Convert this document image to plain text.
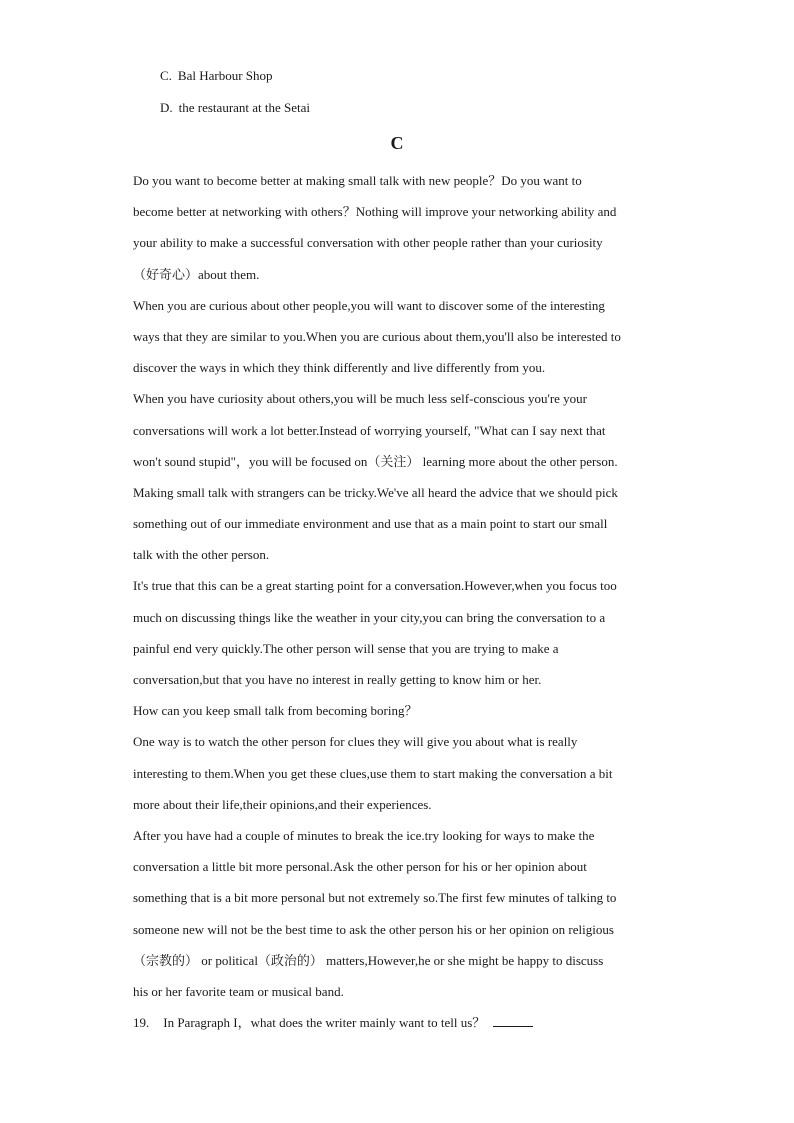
C. Bal Harbour Shop
D. the restaurant at the Setai
C
Do you want to become better at making small talk with new people？Do you want to
become better at networking with others？Nothing will improve your networking ability and
your ability to make a successful conversation with other people rather than your curiosity
（好奇心）about them.
When you are curious about other people,you will want to discover some of the interesting
ways that they are similar to you.When you are curious about them,you'll also be interested to
discover the ways in which they think differently and live differently from you.
When you have curiosity about others,you will be much less self-conscious you're your
conversations will work a lot better.Instead of worrying yourself, "What can I say next that
won't sound stupid"，you will be focused on（关注） learning more about the other person.
Making small talk with strangers can be tricky.We've all heard the advice that we should pick
something out of our immediate environment and use that as a main point to start our small
talk with the other person.
It's true that this can be a great starting point for a conversation.However,when you focus too
much on discussing things like the weather in your city,you can bring the conversation to a
painful end very quickly.The other person will sense that you are trying to make a
conversation,but that you have no interest in really getting to know him or her.
How can you keep small talk from becoming boring？
One way is to watch the other person for clues they will give you about what is really
interesting to them.When you get these clues,use them to start making the conversation a bit
more about their life,their opinions,and their experiences.
After you have had a couple of minutes to break the ice.try looking for ways to make the
conversation a little bit more personal.Ask the other person for his or her opinion about
something that is a bit more personal but not extremely so.The first few minutes of talking to
someone new will not be the best time to ask the other person his or her opinion on religious
（宗教的） or political（政治的） matters,However,he or she might be happy to discuss
his or her favorite team or musical band.
19. In Paragraph I，what does the writer mainly want to tell us？
